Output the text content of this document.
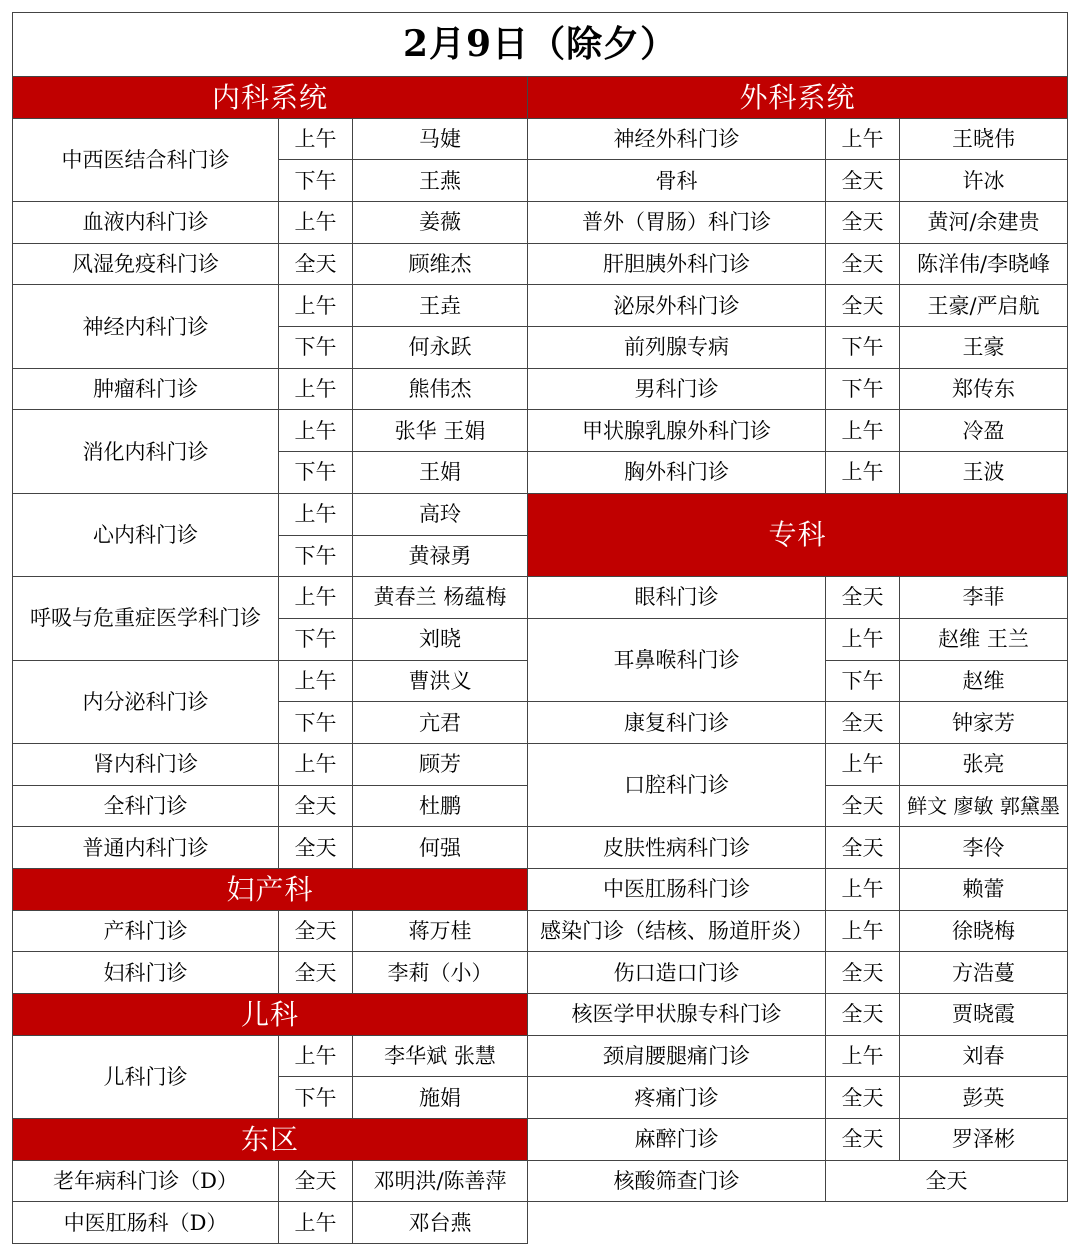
2月9日（除夕）					
内科系统			外科系统		
中西医结合科门诊	上午	马婕	神经外科门诊	上午	王晓伟
	下午	王燕	骨科	全天	许冰
血液内科门诊	上午	姜薇	普外（胃肠）科门诊	全天	黄河/余建贵
风湿免疫科门诊	全天	顾维杰	肝胆胰外科门诊	全天	陈洋伟/李晓峰
神经内科门诊	上午	王垚	泌尿外科门诊	全天	王豪/严启航
	下午	何永跃	前列腺专病	下午	王豪
肿瘤科门诊	上午	熊伟杰	男科门诊	下午	郑传东
消化内科门诊	上午	张华 王娟	甲状腺乳腺外科门诊	上午	冷盈
	下午	王娟	胸外科门诊	上午	王波
心内科门诊	上午	高玲	专科		
	下午	黄禄勇			
呼吸与危重症医学科门诊	上午	黄春兰 杨蕴梅	眼科门诊	全天	李菲
	下午	刘晓	耳鼻喉科门诊	上午	赵维 王兰
内分泌科门诊	上午	曹洪义		下午	赵维
	下午	亢君	康复科门诊	全天	钟家芳
肾内科门诊	上午	顾芳	口腔科门诊	上午	张亮
全科门诊	全天	杜鹏		全天	鲜文 廖敏 郭黛墨
普通内科门诊	全天	何强	皮肤性病科门诊	全天	李伶
妇产科			中医肛肠科门诊	上午	赖蕾
产科门诊	全天	蒋万桂	感染门诊（结核、肠道肝炎）	上午	徐晓梅
妇科门诊	全天	李莉（小）	伤口造口门诊	全天	方浩蔓
儿科			核医学甲状腺专科门诊	全天	贾晓霞
儿科门诊	上午	李华斌 张慧	颈肩腰腿痛门诊	上午	刘春
	下午	施娟	疼痛门诊	全天	彭英
东区			麻醉门诊	全天	罗泽彬
老年病科门诊（D）	全天	邓明洪/陈善萍	核酸筛查门诊	全天	
中医肛肠科（D）	上午	邓台燕			
